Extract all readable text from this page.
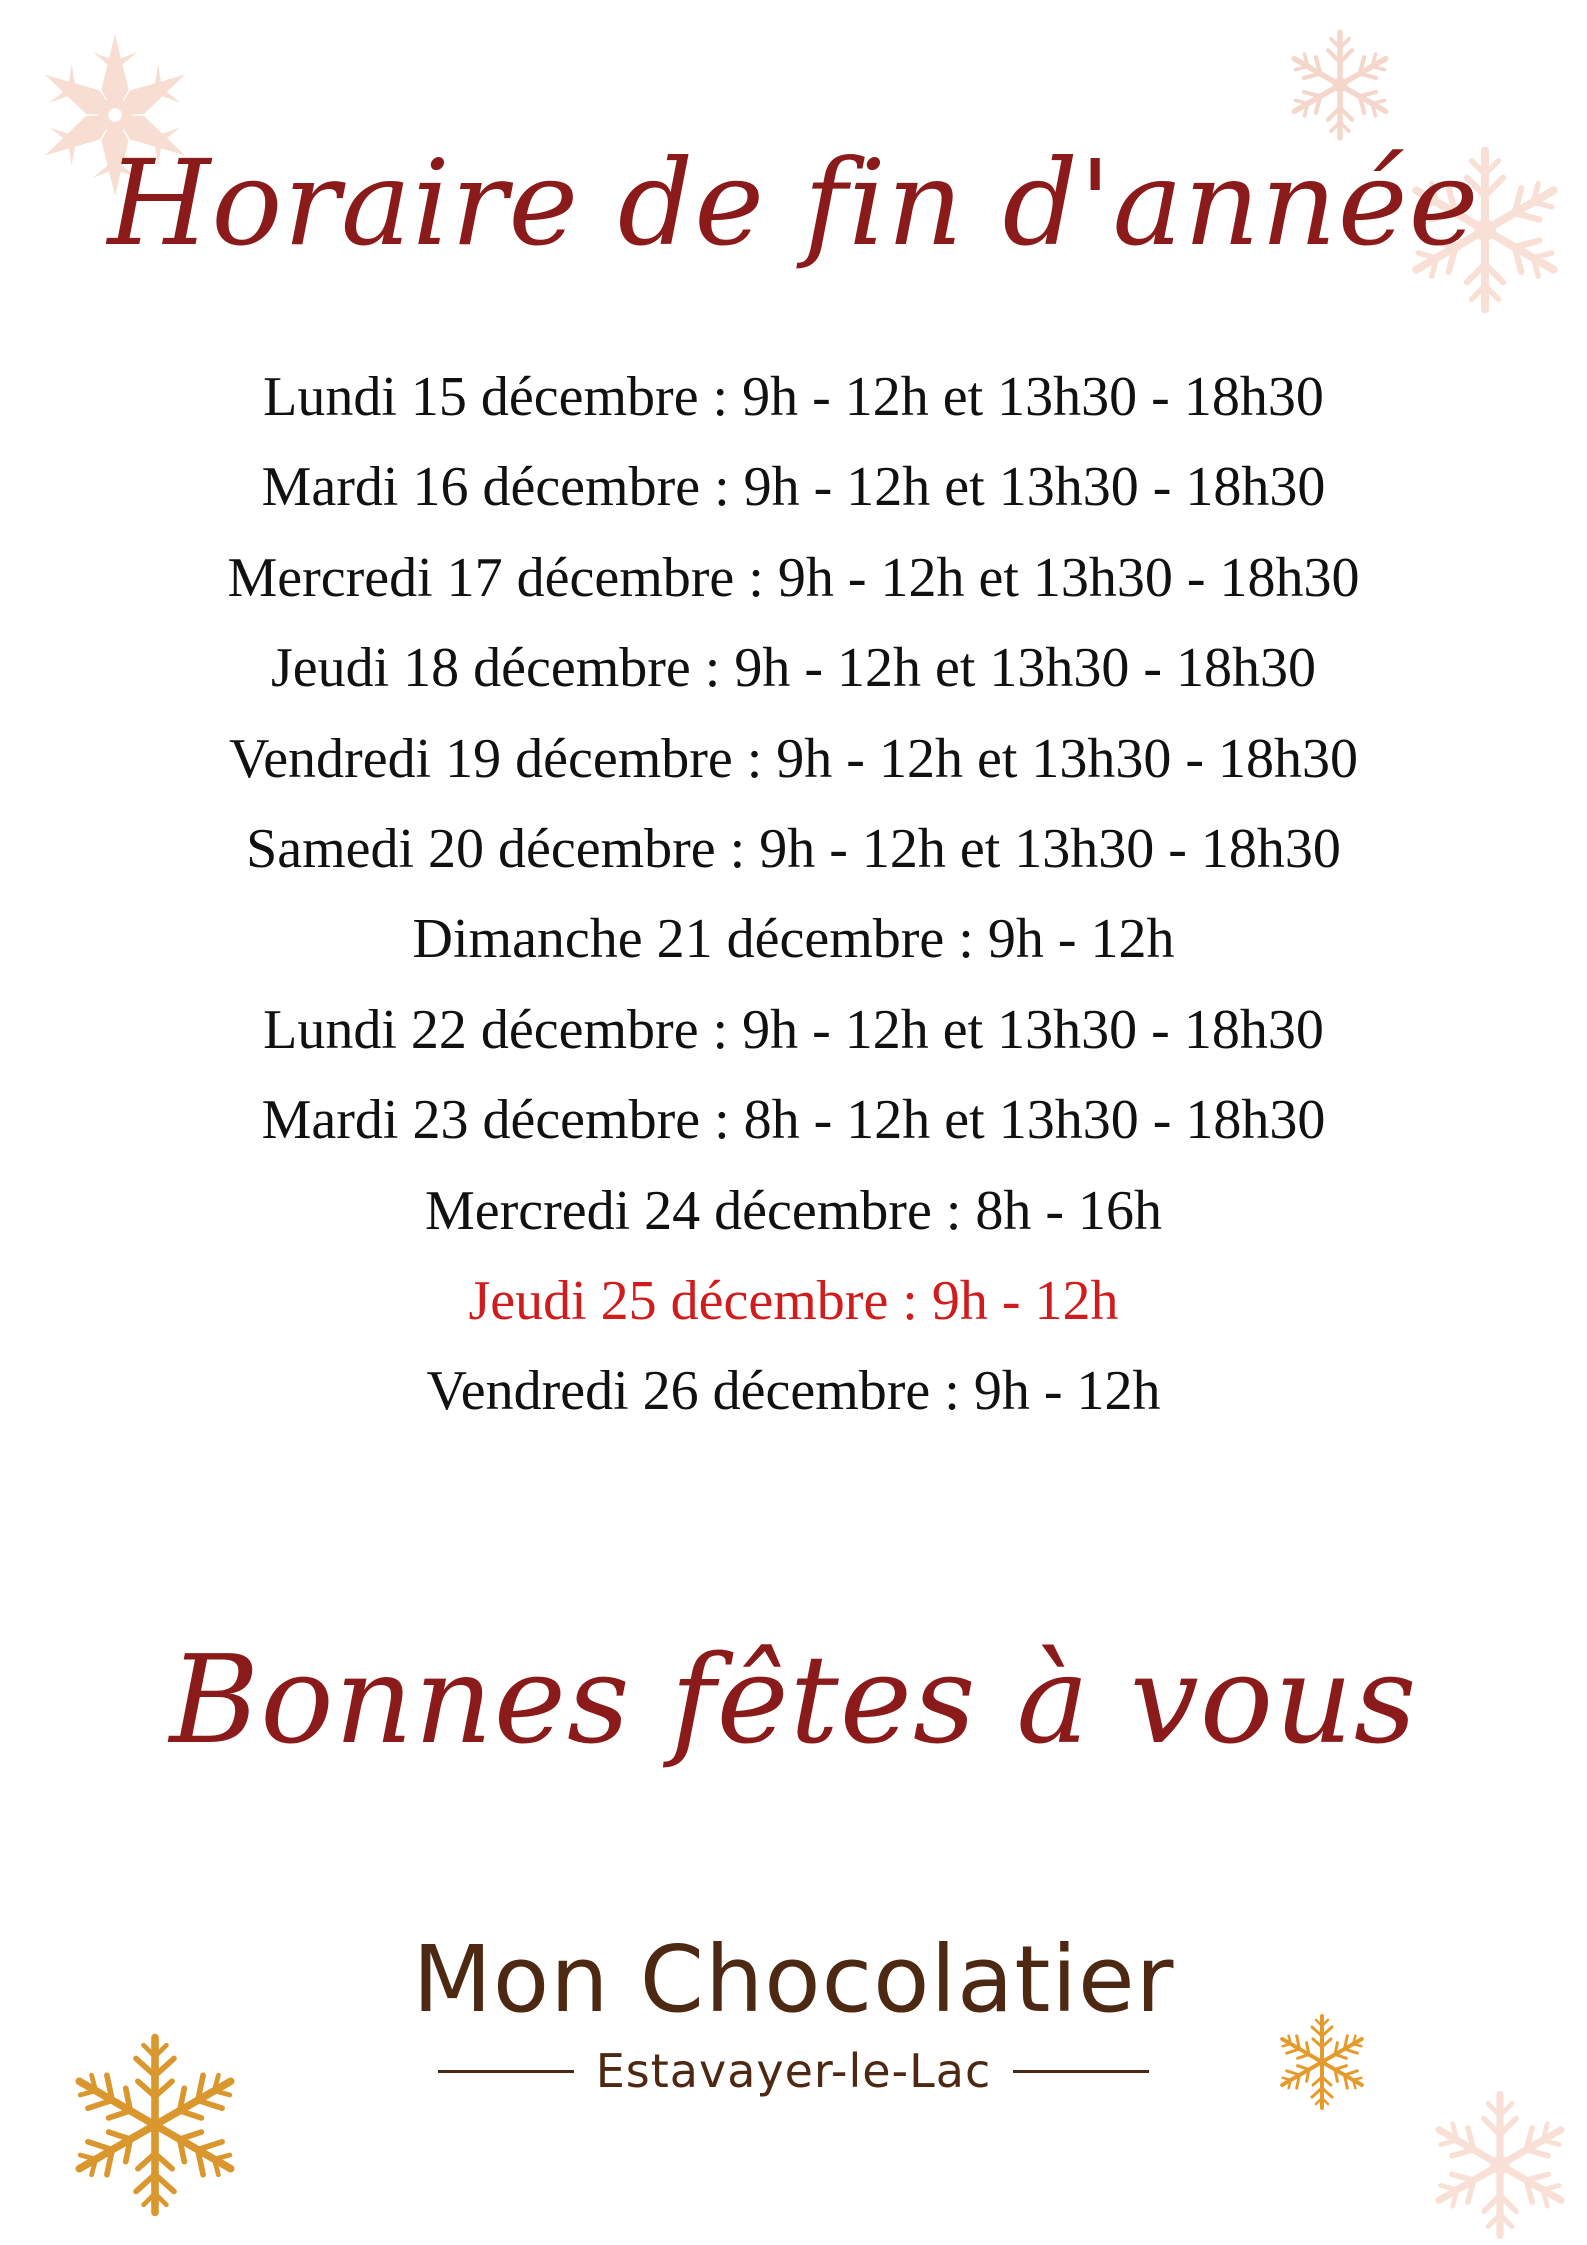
Horaire de fin d'année
Lundi 15 décembre : 9h - 12h et 13h30 - 18h30
Mardi 16 décembre : 9h - 12h et 13h30 - 18h30
Mercredi 17 décembre : 9h - 12h et 13h30 - 18h30
Jeudi 18 décembre : 9h - 12h et 13h30 - 18h30
Vendredi 19 décembre : 9h - 12h et 13h30 - 18h30
Samedi 20 décembre : 9h - 12h et 13h30 - 18h30
Dimanche 21 décembre : 9h - 12h
Lundi 22 décembre : 9h - 12h et 13h30 - 18h30
Mardi 23 décembre : 8h - 12h et 13h30 - 18h30
Mercredi 24 décembre : 8h - 16h
Jeudi 25 décembre : 9h - 12h
Vendredi 26 décembre : 9h - 12h
Bonnes fêtes à vous
Mon Chocolatier
Estavayer-le-Lac
